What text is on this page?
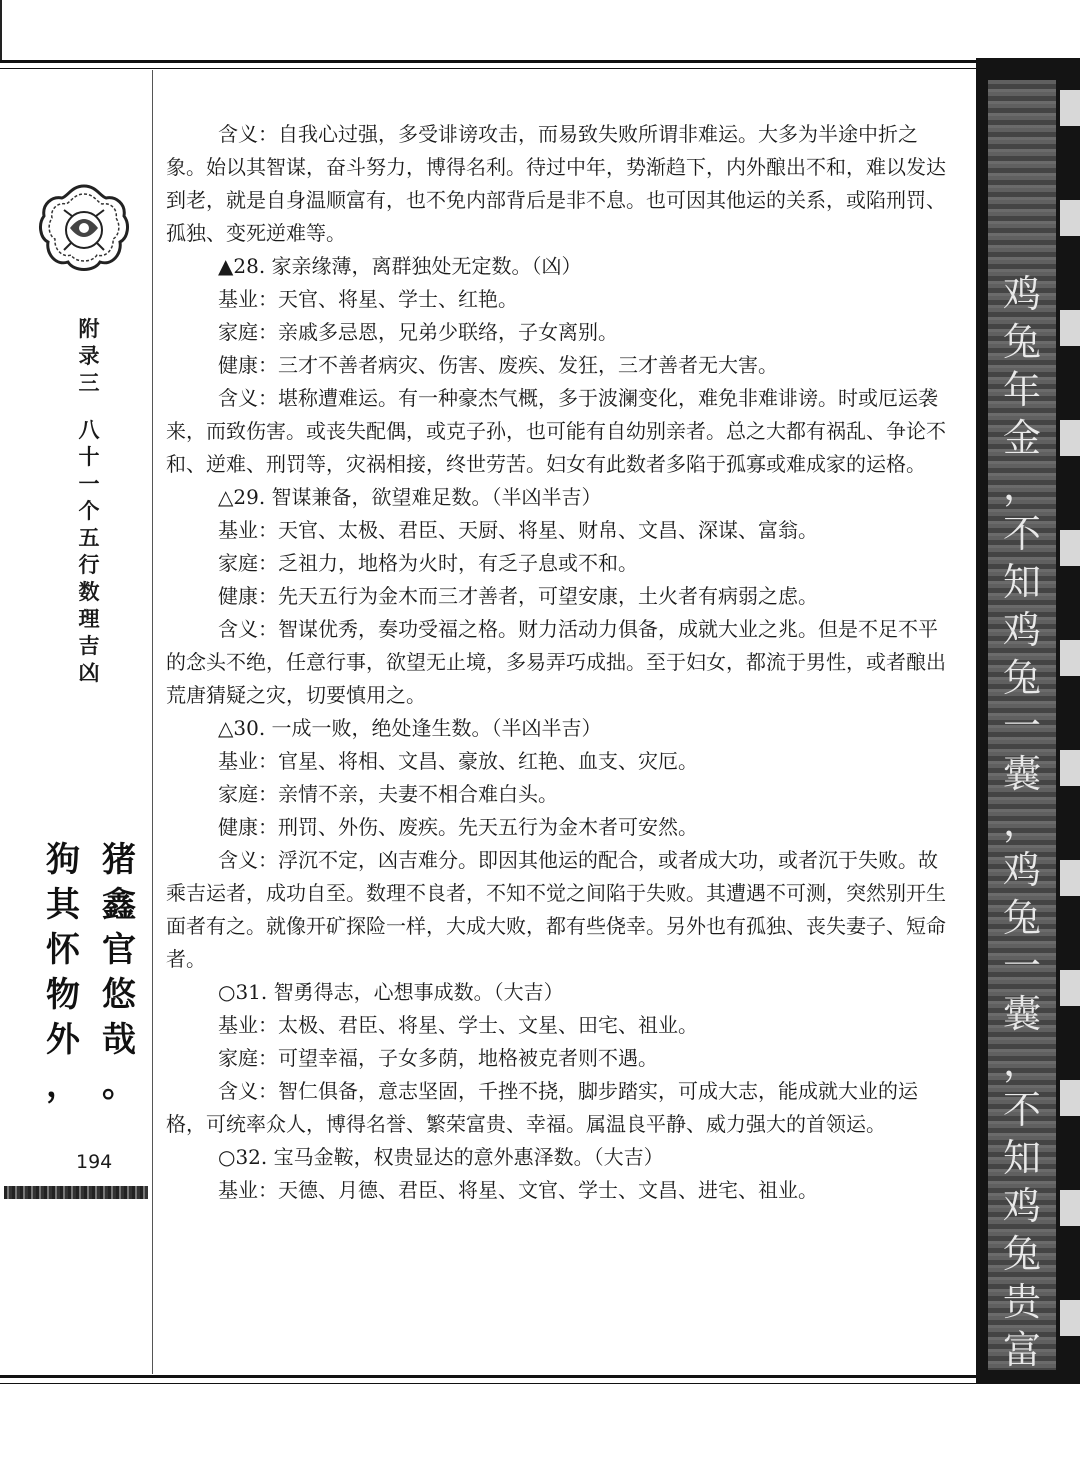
附
录
三
八
十
一
个
五
行
数
理
吉
凶
猪
鑫
官
悠
哉
。
狗
其
怀
物
外
，
194
鸡
兔
年
金
，
不
知
鸡
兔
一
囊
，
鸡
兔
一
囊
，
不
知
鸡
兔
贵
富

含义：自我心过强，多受诽谤攻击，而易致失败所谓非难运。大多为半途中折之象。始以其智谋，奋斗努力，博得名利。待过中年，势渐趋下，内外酿出不和，难以发达到老，就是自身温顺富有，也不免内部背后是非不息。也可因其他运的关系，或陷刑罚、孤独、变死逆难等。

▲28. 家亲缘薄，离群独处无定数。（凶）

基业：天官、将星、学士、红艳。

家庭：亲戚多忌恩，兄弟少联络，子女离别。

健康：三才不善者病灾、伤害、废疾、发狂，三才善者无大害。

含义：堪称遭难运。有一种豪杰气概，多于波澜变化，难免非难诽谤。时或厄运袭来，而致伤害。或丧失配偶，或克子孙，也可能有自幼别亲者。总之大都有祸乱、争论不和、逆难、刑罚等，灾祸相接，终世劳苦。妇女有此数者多陷于孤寡或难成家的运格。

△29. 智谋兼备，欲望难足数。（半凶半吉）

基业：天官、太极、君臣、天厨、将星、财帛、文昌、深谋、富翁。

家庭：乏祖力，地格为火时，有乏子息或不和。

健康：先天五行为金木而三才善者，可望安康，土火者有病弱之虑。

含义：智谋优秀，奏功受福之格。财力活动力俱备，成就大业之兆。但是不足不平的念头不绝，任意行事，欲望无止境，多易弄巧成拙。至于妇女，都流于男性，或者酿出荒唐猜疑之灾，切要慎用之。

△30. 一成一败，绝处逢生数。（半凶半吉）

基业：官星、将相、文昌、豪放、红艳、血支、灾厄。

家庭：亲情不亲，夫妻不相合难白头。

健康：刑罚、外伤、废疾。先天五行为金木者可安然。

含义：浮沉不定，凶吉难分。即因其他运的配合，或者成大功，或者沉于失败。故乘吉运者，成功自至。数理不良者，不知不觉之间陷于失败。其遭遇不可测，突然别开生面者有之。就像开矿探险一样，大成大败，都有些侥幸。另外也有孤独、丧失妻子、短命者。

○31. 智勇得志，心想事成数。（大吉）

基业：太极、君臣、将星、学士、文星、田宅、祖业。

家庭：可望幸福，子女多荫，地格被克者则不遇。

含义：智仁俱备，意志坚固，千挫不挠，脚步踏实，可成大志，能成就大业的运格，可统率众人，博得名誉、繁荣富贵、幸福。属温良平静、威力强大的首领运。

○32. 宝马金鞍，权贵显达的意外惠泽数。（大吉）

基业：天德、月德、君臣、将星、文官、学士、文昌、进宅、祖业。
